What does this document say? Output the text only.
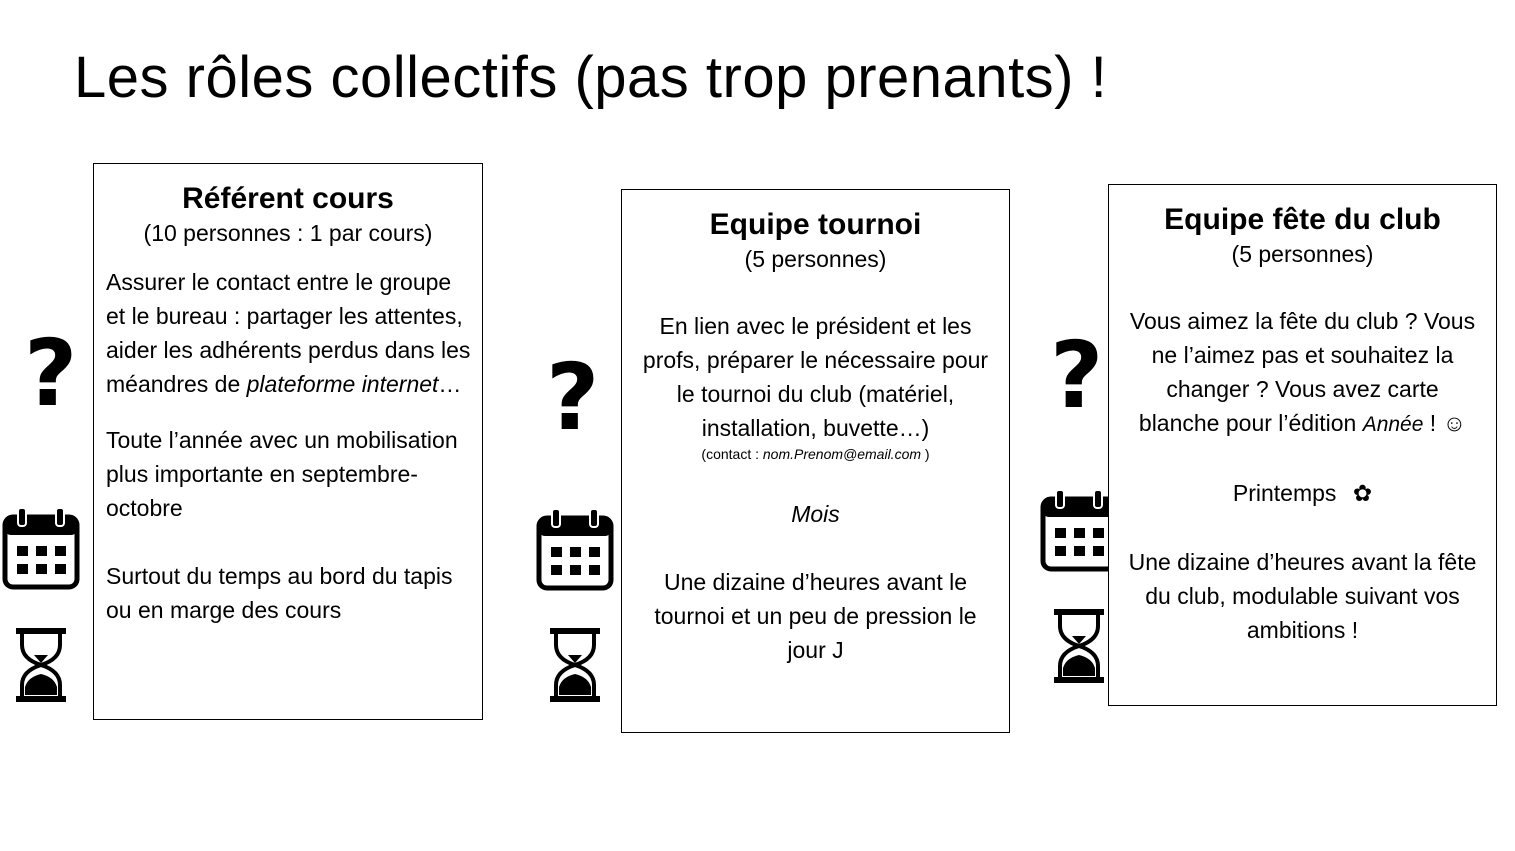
Les rôles collectifs (pas trop prenants) !
?	?	?
Référent cours
(10 personnes : 1 par cours)
Assurer le contact entre le groupe et le bureau : partager les attentes, aider les adhérents perdus dans les méandres de plateforme internet…
Toute l’année avec un mobilisation plus importante en septembre-octobre
Surtout du temps au bord du tapis ou en marge des cours
Equipe tournoi
(5 personnes)
En lien avec le président et les profs, préparer le nécessaire pour le tournoi du club (matériel, installation, buvette…)
(contact : nom.Prenom@email.com )
Mois
Une dizaine d’heures avant le tournoi et un peu de pression le jour J
Equipe fête du club
(5 personnes)
Vous aimez la fête du club ? Vous ne l’aimez pas et souhaitez la changer ? Vous avez carte blanche pour l’édition Année ! ☺
Printemps ✿
Une dizaine d’heures avant la fête du club, modulable suivant vos ambitions !
